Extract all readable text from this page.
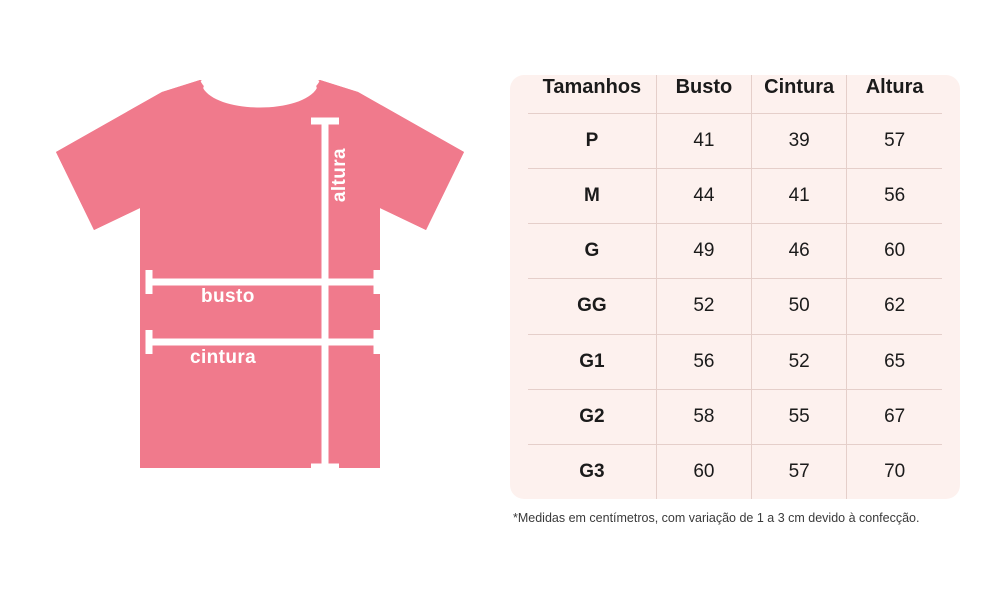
busto
cintura
altura
Tamanhos	Busto	Cintura	Altura
P	41	39	57
M	44	41	56
G	49	46	60
GG	52	50	62
G1	56	52	65
G2	58	55	67
G3	60	57	70
*Medidas em centímetros, com variação de 1 a 3 cm devido à confecção.
